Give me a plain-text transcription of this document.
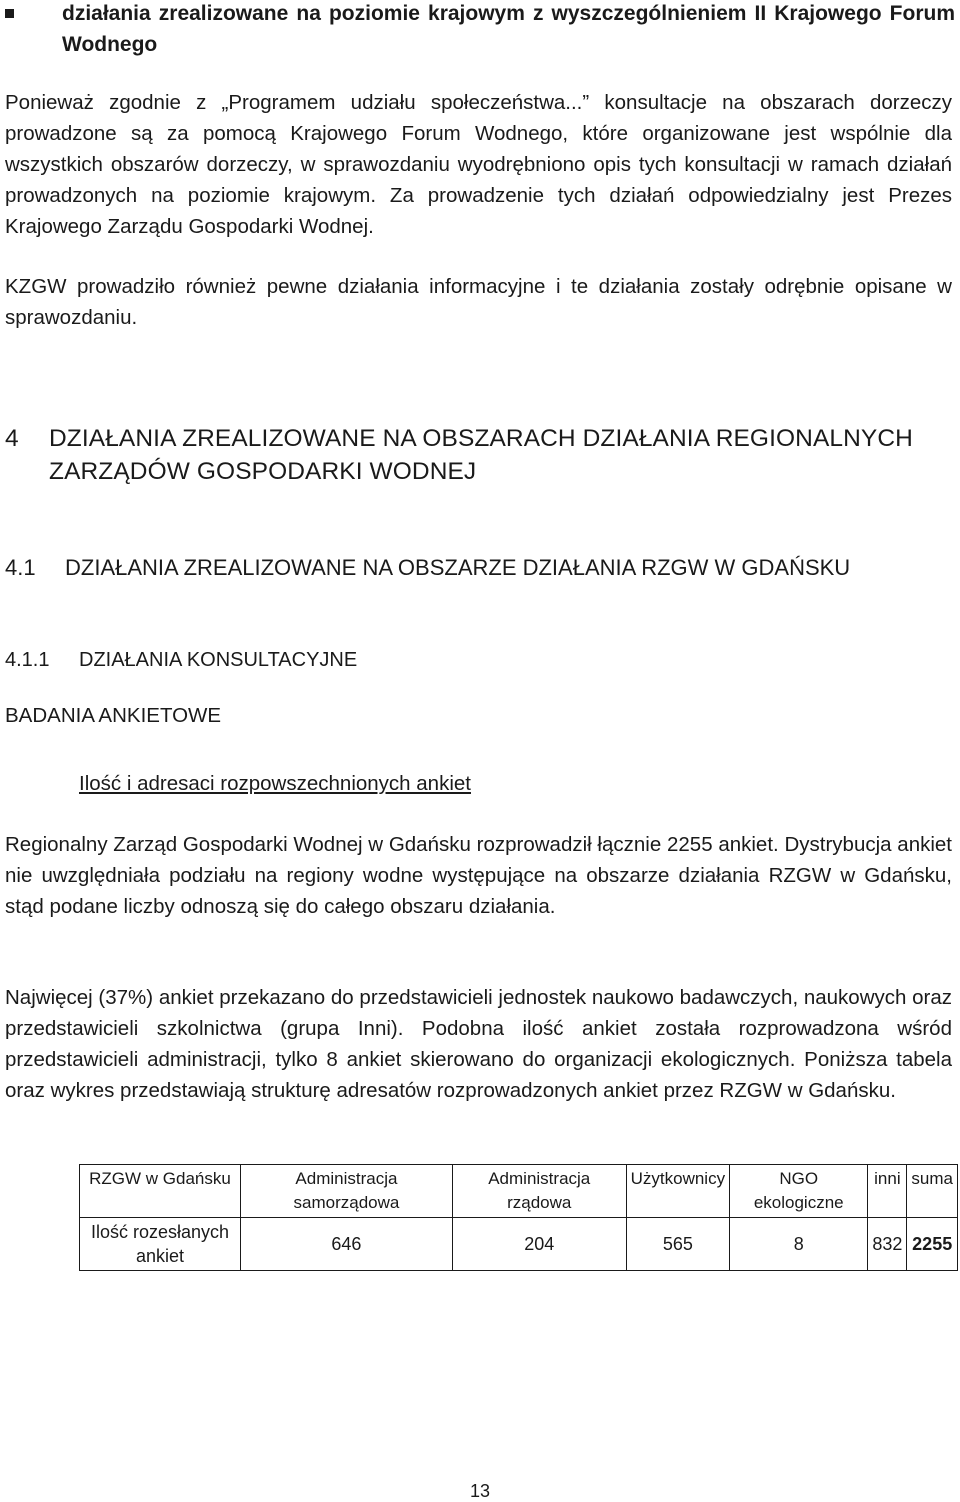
działania zrealizowane na poziomie krajowym z wyszczególnieniem II Krajowego Forum Wodnego

Ponieważ zgodnie z „Programem udziału społeczeństwa...” konsultacje na obszarach dorzeczy prowadzone są za pomocą Krajowego Forum Wodnego, które organizowane jest wspólnie dla wszystkich obszarów dorzeczy, w sprawozdaniu wyodrębniono opis tych konsultacji w ramach działań prowadzonych na poziomie krajowym. Za prowadzenie tych działań odpowiedzialny jest Prezes Krajowego Zarządu Gospodarki Wodnej.

KZGW prowadziło również pewne działania informacyjne i te działania zostały odrębnie opisane w sprawozdaniu.

4 DZIAŁANIA ZREALIZOWANE NA OBSZARACH DZIAŁANIA REGIONALNYCH ZARZĄDÓW GOSPODARKI WODNEJ
4.1 DZIAŁANIA ZREALIZOWANE NA OBSZARZE DZIAŁANIA RZGW W GDAŃSKU
4.1.1 DZIAŁANIA KONSULTACYJNE

BADANIA ANKIETOWE

Ilość i adresaci rozpowszechnionych ankiet

Regionalny Zarząd Gospodarki Wodnej w Gdańsku rozprowadził łącznie 2255 ankiet. Dystrybucja ankiet nie uwzględniała podziału na regiony wodne występujące na obszarze działania RZGW w Gdańsku, stąd podane liczby odnoszą się do całego obszaru działania.

Najwięcej (37%) ankiet przekazano do przedstawicieli jednostek naukowo badawczych, naukowych oraz przedstawicieli szkolnictwa (grupa Inni). Podobna ilość ankiet została rozprowadzona wśród przedstawicieli administracji, tylko 8 ankiet skierowano do organizacji ekologicznych. Poniższa tabela oraz wykres przedstawiają strukturę adresatów rozprowadzonych ankiet przez RZGW w Gdańsku.

RZGW w Gdańsku	Administracja samorządowa	Administracja rządowa	Użytkownicy	NGO ekologiczne	inni	suma
Ilość rozesłanych ankiet	646	204	565	8	832	2255

13
